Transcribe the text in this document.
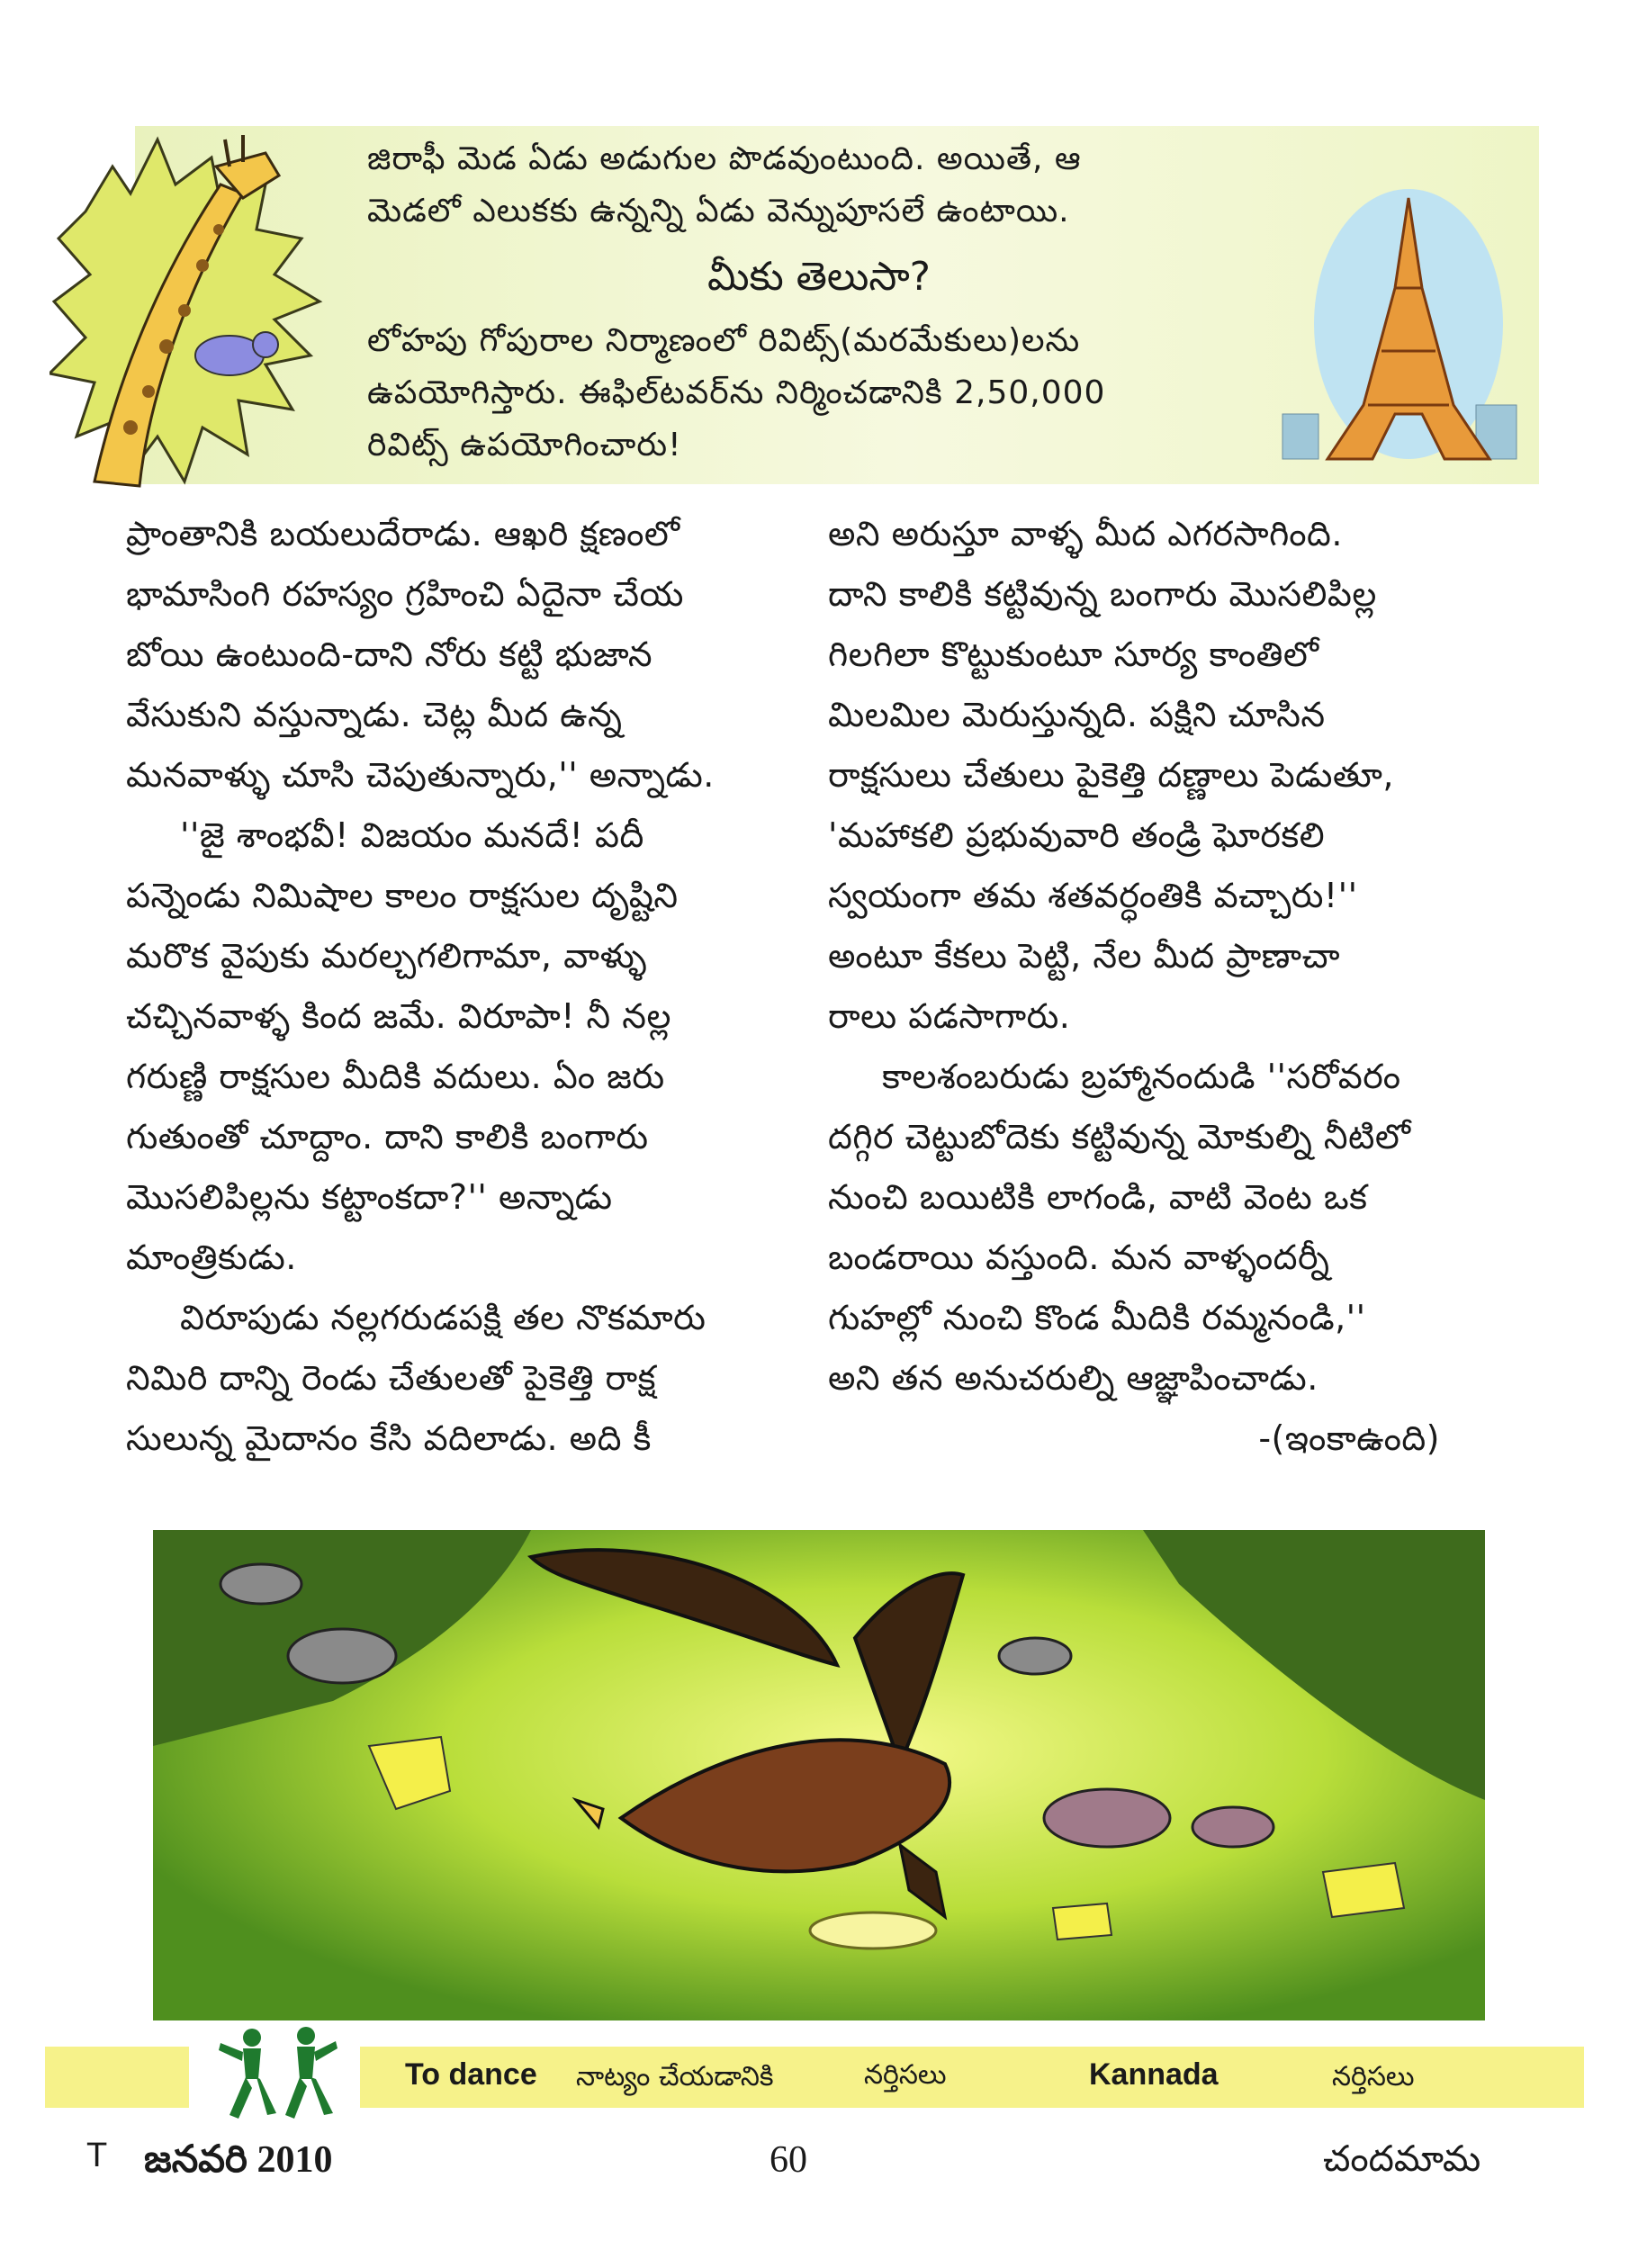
జిరాఫీ మెడ ఏడు అడుగుల పొడవుంటుంది. అయితే, ఆ
మెడలో ఎలుకకు ఉన్నన్ని ఏడు వెన్నుపూసలే ఉంటాయి.
మీకు తెలుసా?
లోహపు గోపురాల నిర్మాణంలో రివిట్స్(మరమేకులు)లను
ఉపయోగిస్తారు. ఈఫిల్‌టవర్‌ను నిర్మించడానికి 2,50,000
రివిట్స్ ఉపయోగించారు!
ప్రాంతానికి బయలుదేరాడు. ఆఖరి క్షణంలో
భామాసింగి రహస్యం గ్రహించి ఏదైనా చేయ
బోయి ఉంటుంది-దాని నోరు కట్టి భుజాన
వేసుకుని వస్తున్నాడు. చెట్ల మీద ఉన్న
మనవాళ్ళు చూసి చెపుతున్నారు,'' అన్నాడు.
''జై శాంభవీ! విజయం మనదే! పదీ
పన్నెండు నిమిషాల కాలం రాక్షసుల దృష్టిని
మరొక వైపుకు మరల్చగలిగామా, వాళ్ళు
చచ్చినవాళ్ళ కింద జమే. విరూపా! నీ నల్ల
గరుణ్ణి రాక్షసుల మీదికి వదులు. ఏం జరు
గుతుంతో చూద్దాం. దాని కాలికి బంగారు
మొసలిపిల్లను కట్టాంకదా?'' అన్నాడు
మాంత్రికుడు.
విరూపుడు నల్లగరుడపక్షి తల నొకమారు
నిమిరి దాన్ని రెండు చేతులతో పైకెత్తి రాక్ష
సులున్న మైదానం కేసి వదిలాడు. అది కీ
అని అరుస్తూ వాళ్ళ మీద ఎగరసాగింది.
దాని కాలికి కట్టివున్న బంగారు మొసలిపిల్ల
గిలగిలా కొట్టుకుంటూ సూర్య కాంతిలో
మిలమిల మెరుస్తున్నది. పక్షిని చూసిన
రాక్షసులు చేతులు పైకెత్తి దణ్ణాలు పెడుతూ,
'మహాకలి ప్రభువువారి తండ్రి ఘోరకలి
స్వయంగా తమ శతవర్ధంతికి వచ్చారు!''
అంటూ కేకలు పెట్టి, నేల మీద ప్రాణాచా
రాలు పడసాగారు.
కాలశంబరుడు బ్రహ్మానందుడి ''సరోవరం
దగ్గిర చెట్టుబోదెకు కట్టివున్న మోకుల్ని నీటిలో
నుంచి బయిటికి లాగండి, వాటి వెంట ఒక
బండరాయి వస్తుంది. మన వాళ్ళందర్నీ
గుహల్లో నుంచి కొండ మీదికి రమ్మనండి,''
అని తన అనుచరుల్ని ఆజ్ఞాపించాడు.
-(ఇంకాఉంది)
To dance నాట్యం చేయడానికి	నర్తిసలు	Kannada	నర్తిసలు
T జనవరి 2010	60	చందమామ
